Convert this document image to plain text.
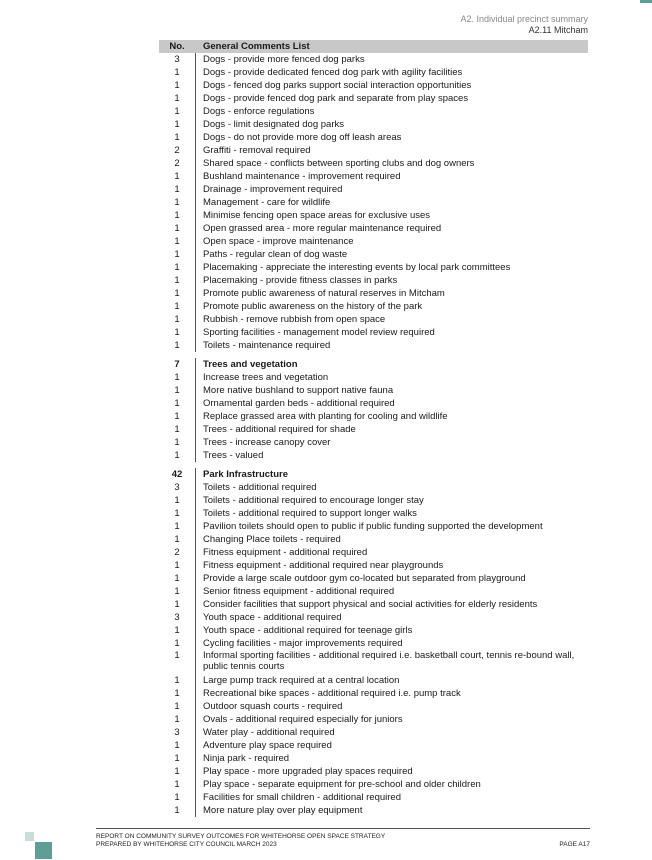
A2. Individual precinct summary
A2.11 Mitcham
No.	General Comments List
3	Dogs - provide more fenced dog parks
1	Dogs - provide dedicated fenced dog park with agility facilities
1	Dogs - fenced dog parks support social interaction opportunities
1	Dogs - provide fenced dog park and separate from play spaces
1	Dogs - enforce regulations
1	Dogs - limit designated dog parks
1	Dogs - do not provide more dog off leash areas
2	Graffiti - removal required
2	Shared space - conflicts between sporting clubs and dog owners
1	Bushland maintenance - improvement required
1	Drainage - improvement required
1	Management - care for wildlife
1	Minimise fencing open space areas for exclusive uses
1	Open grassed area - more regular maintenance required
1	Open space - improve maintenance
1	Paths - regular clean of dog waste
1	Placemaking - appreciate the interesting events by local park committees
1	Placemaking - provide fitness classes in parks
1	Promote public awareness of natural reserves in Mitcham
1	Promote public awareness on the history of the park
1	Rubbish - remove rubbish from open space
1	Sporting facilities - management model review required
1	Toilets - maintenance required
7	Trees and vegetation
1	Increase trees and vegetation
1	More native bushland to support native fauna
1	Ornamental garden beds - additional required
1	Replace grassed area with planting for cooling and wildlife
1	Trees - additional required for shade
1	Trees - increase canopy cover
1	Trees - valued
42	Park Infrastructure
3	Toilets - additional required
1	Toilets - additional required to encourage longer stay
1	Toilets - additional required to support longer walks
1	Pavilion toilets should open to public if public funding supported the development
1	Changing Place toilets - required
2	Fitness equipment - additional required
1	Fitness equipment - additional required near playgrounds
1	Provide a large scale outdoor gym co-located but separated from playground
1	Senior fitness equipment - additional required
1	Consider facilities that support physical and social activities for elderly residents
3	Youth space - additional required
1	Youth space - additional required for teenage girls
1	Cycling facilities - major improvements required
1	Informal sporting facilities - additional required i.e. basketball court, tennis re-bound wall, public tennis courts
1	Large pump track required at a central location
1	Recreational bike spaces - additional required i.e. pump track
1	Outdoor squash courts - required
1	Ovals - additional required especially for juniors
3	Water play - additional required
1	Adventure play space required
1	Ninja park - required
1	Play space - more upgraded play spaces required
1	Play space - separate equipment for pre-school and older children
1	Facilities for small children - additional required
1	More nature play over play equipment
REPORT ON COMMUNITY SURVEY OUTCOMES FOR WHITEHORSE OPEN SPACE STRATEGY
PREPARED BY WHITEHORSE CITY COUNCIL MARCH 2023	PAGE A17
